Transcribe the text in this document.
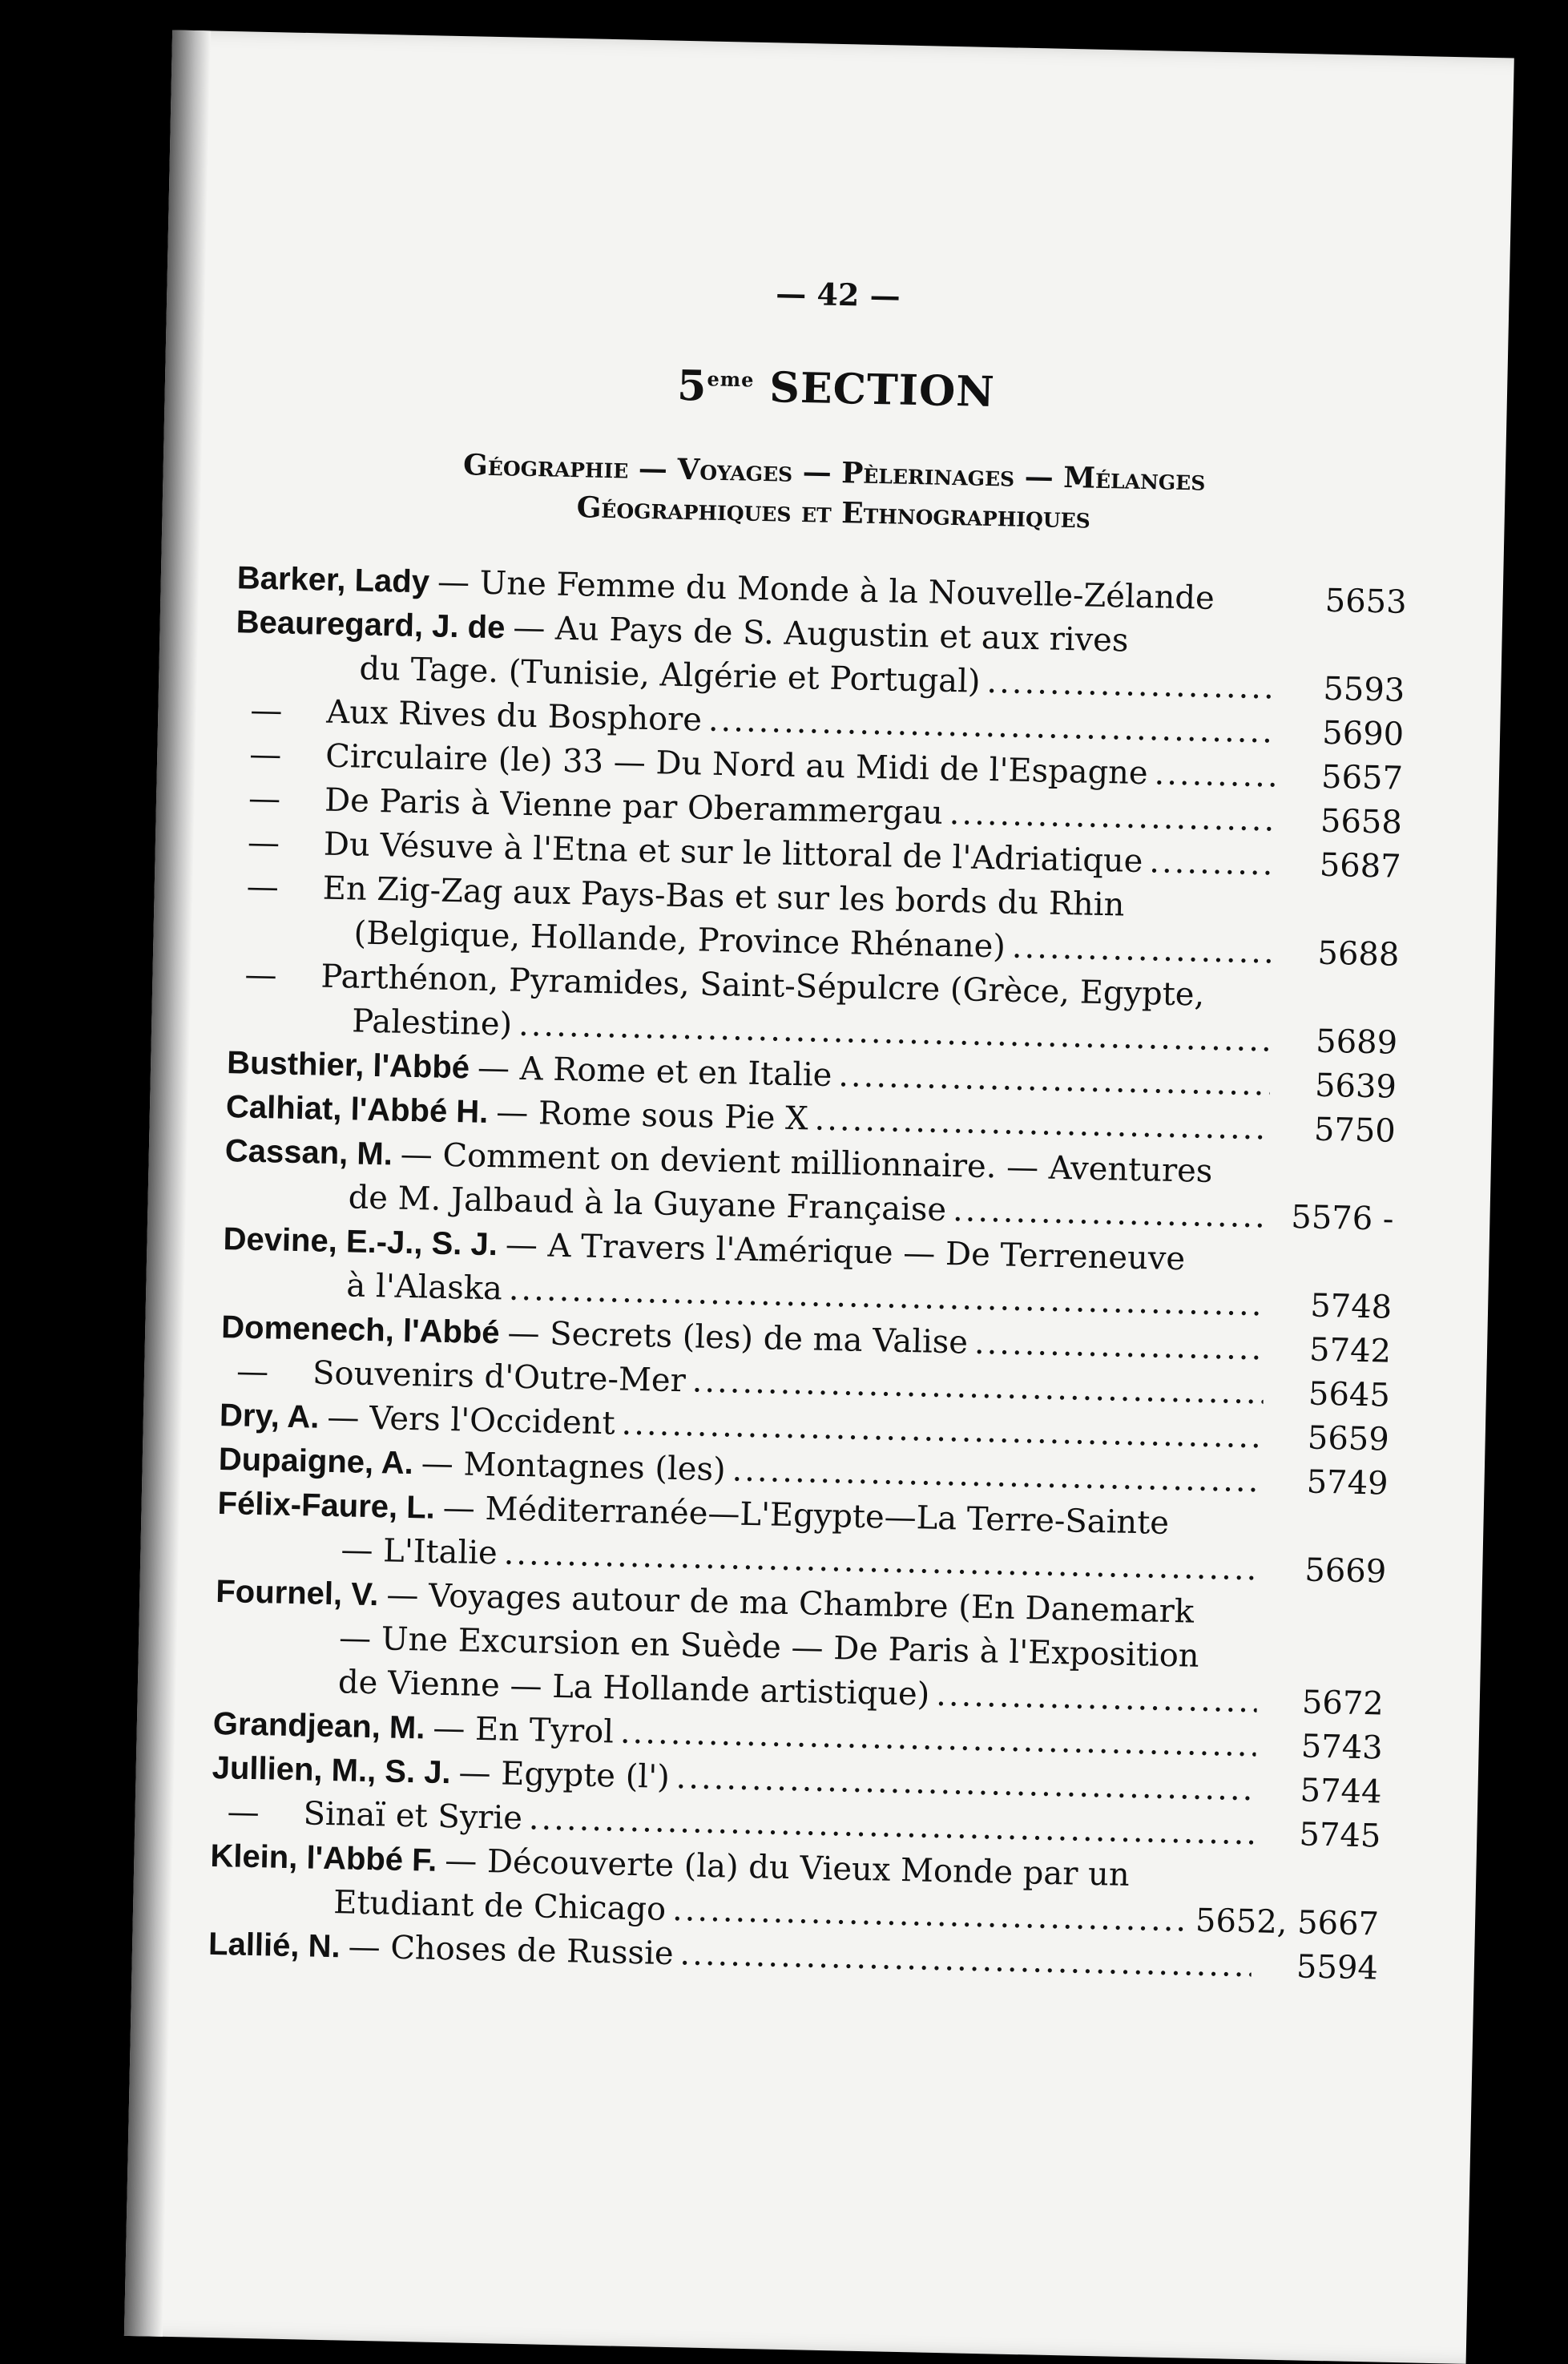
— 42 —
5eme SECTION
Géographie — Voyages — Pèlerinages — Mélanges
Géographiques et Ethnographiques
Barker, Lady — Une Femme du Monde à la Nouvelle-Zélande	5653
Beauregard, J. de — Au Pays de S. Augustin et aux rives
du Tage. (Tunisie, Algérie et Portugal) .....	5593
—	Aux Rives du Bosphore .....	5690
—	Circulaire (le) 33 — Du Nord au Midi de l'Espagne .....	5657
—	De Paris à Vienne par Oberammergau .....	5658
—	Du Vésuve à l'Etna et sur le littoral de l'Adriatique .....	5687
—	En Zig-Zag aux Pays-Bas et sur les bords du Rhin
(Belgique, Hollande, Province Rhénane) .....	5688
—	Parthénon, Pyramides, Saint-Sépulcre (Grèce, Egypte,
Palestine) .....	5689
Busthier, l'Abbé — A Rome et en Italie .....	5639
Calhiat, l'Abbé H. — Rome sous Pie X .....	5750
Cassan, M. — Comment on devient millionnaire. — Aventures
de M. Jalbaud à la Guyane Française .....	5576 -
Devine, E.-J., S. J. — A Travers l'Amérique — De Terreneuve
à l'Alaska .....	5748
Domenech, l'Abbé — Secrets (les) de ma Valise .....	5742
—	Souvenirs d'Outre-Mer .....	5645
Dry, A. — Vers l'Occident .....	5659
Dupaigne, A. — Montagnes (les) .....	5749
Félix-Faure, L. — Méditerranée—L'Egypte—La Terre-Sainte
— L'Italie .....	5669
Fournel, V. — Voyages autour de ma Chambre (En Danemark
— Une Excursion en Suède — De Paris à l'Exposition
de Vienne — La Hollande artistique) .....	5672
Grandjean, M. — En Tyrol .....	5743
Jullien, M., S. J. — Egypte (l') .....	5744
—	Sinaï et Syrie .....	5745
Klein, l'Abbé F. — Découverte (la) du Vieux Monde par un
Etudiant de Chicago .....	5652, 5667
Lallié, N. — Choses de Russie .....	5594
